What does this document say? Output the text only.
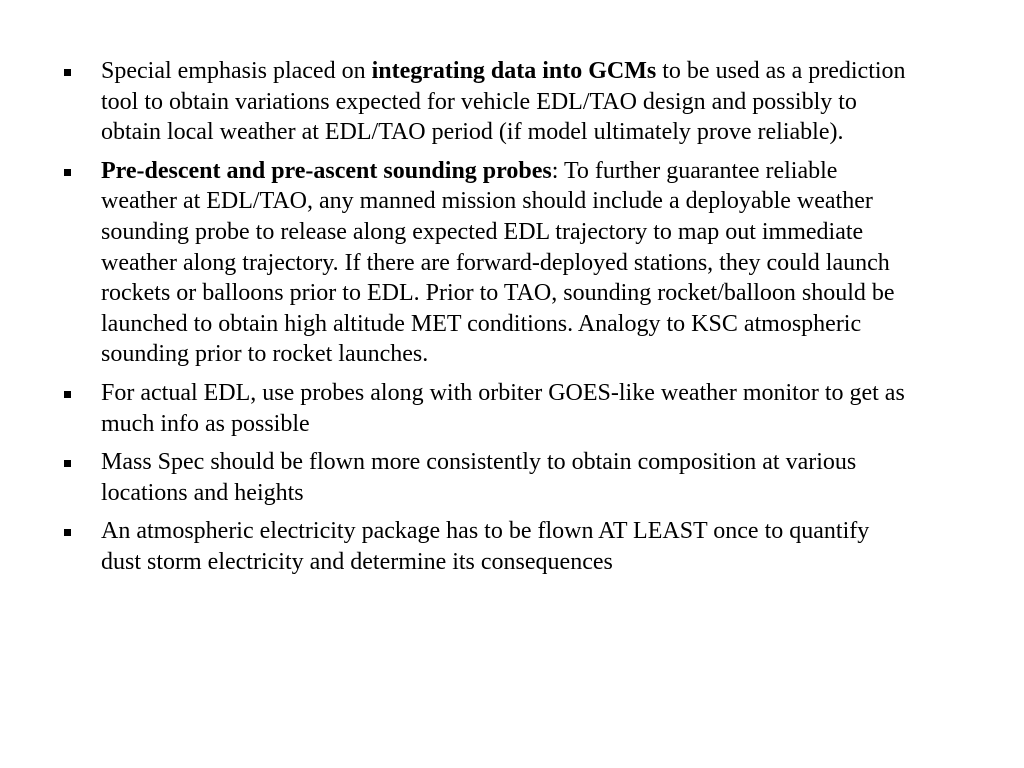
Special emphasis placed on integrating data into GCMs to be used as a prediction tool to obtain variations expected for vehicle EDL/TAO design and possibly to obtain local weather at EDL/TAO period (if model ultimately prove reliable).
Pre-descent and pre-ascent sounding probes: To further guarantee reliable weather at EDL/TAO, any manned mission should include a deployable weather sounding probe to release along expected EDL trajectory to map out immediate weather along trajectory. If there are forward-deployed stations, they could launch rockets or balloons prior to EDL. Prior to TAO, sounding rocket/balloon should be launched to obtain high altitude MET conditions. Analogy to KSC atmospheric sounding prior to rocket launches.
For actual EDL, use probes along with orbiter GOES-like weather monitor to get as much info as possible
Mass Spec should be flown more consistently to obtain composition at various locations and heights
An atmospheric electricity package has to be flown AT LEAST once to quantify dust storm electricity and determine its consequences
